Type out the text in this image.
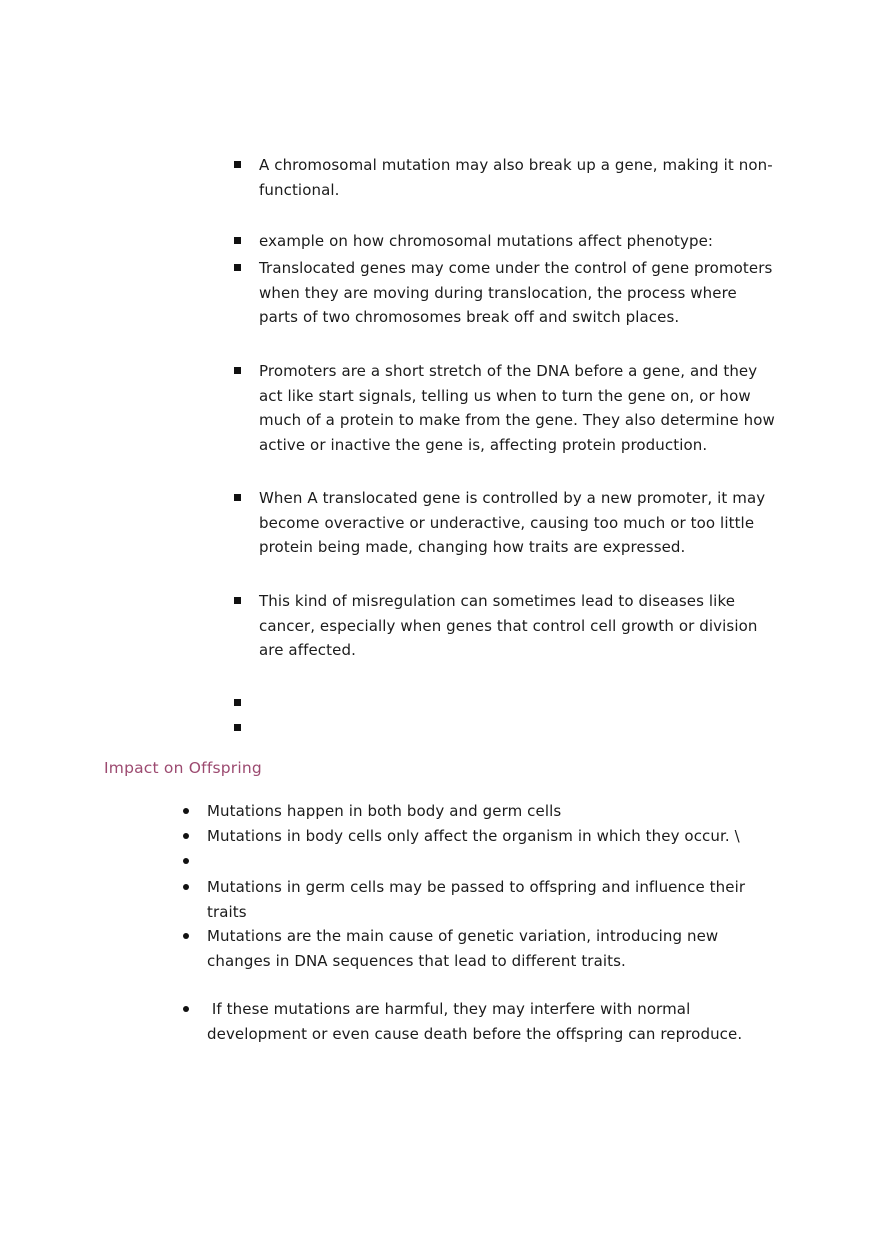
A chromosomal mutation may also break up a gene, making it non-functional.
example on how chromosomal mutations affect phenotype:
Translocated genes may come under the control of gene promoters when they are moving during translocation, the process where parts of two chromosomes break off and switch places.
Promoters are a short stretch of the DNA before a gene, and they act like start signals, telling us when to turn the gene on, or how much of a protein to make from the gene. They also determine how active or inactive the gene is, affecting protein production.
When A translocated gene is controlled by a new promoter, it may become overactive or underactive, causing too much or too little protein being made, changing how traits are expressed.
This kind of misregulation can sometimes lead to diseases like cancer, especially when genes that control cell growth or division are affected.
Impact on Offspring
Mutations happen in both body and germ cells
Mutations in body cells only affect the organism in which they occur. \
Mutations in germ cells may be passed to offspring and influence their traits
Mutations are the main cause of genetic variation, introducing new changes in DNA sequences that lead to different traits.
If these mutations are harmful, they may interfere with normal development or even cause death before the offspring can reproduce.
